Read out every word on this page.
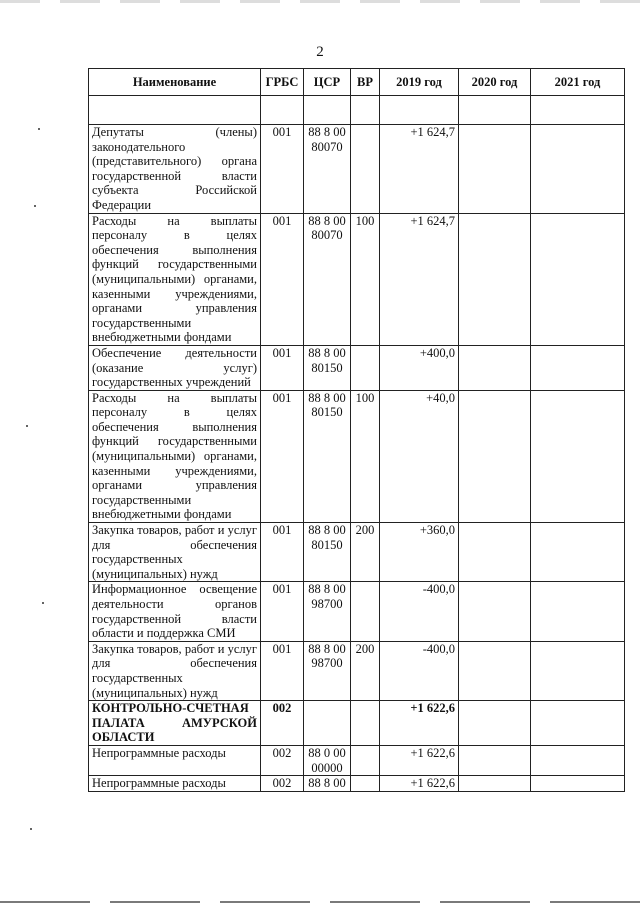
2
Наименование	ГРБС	ЦСР	ВР	2019 год	2020 год	2021 год

Депутаты (члены) законодательного (представительного) органа государственной власти субъекта Российской Федерации	001	88 8 00 80070		+1 624,7		
Расходы на выплаты персоналу в целях обеспечения выполнения функций государственными (муниципальными) органами, казенными учреждениями, органами управления государственными внебюджетными фондами	001	88 8 00 80070	100	+1 624,7		
Обеспечение деятельности (оказание услуг) государственных учреждений	001	88 8 00 80150		+400,0		
Расходы на выплаты персоналу в целях обеспечения выполнения функций государственными (муниципальными) органами, казенными учреждениями, органами управления государственными внебюджетными фондами	001	88 8 00 80150	100	+40,0		
Закупка товаров, работ и услуг для обеспечения государственных (муниципальных) нужд	001	88 8 00 80150	200	+360,0		
Информационное освещение деятельности органов государственной власти области и поддержка СМИ	001	88 8 00 98700		-400,0		
Закупка товаров, работ и услуг для обеспечения государственных (муниципальных) нужд	001	88 8 00 98700	200	-400,0		
КОНТРОЛЬНО-СЧЕТНАЯ ПАЛАТА АМУРСКОЙ ОБЛАСТИ	002			+1 622,6		
Непрограммные расходы	002	88 0 00 00000		+1 622,6		
Непрограммные расходы	002	88 8 00		+1 622,6		
